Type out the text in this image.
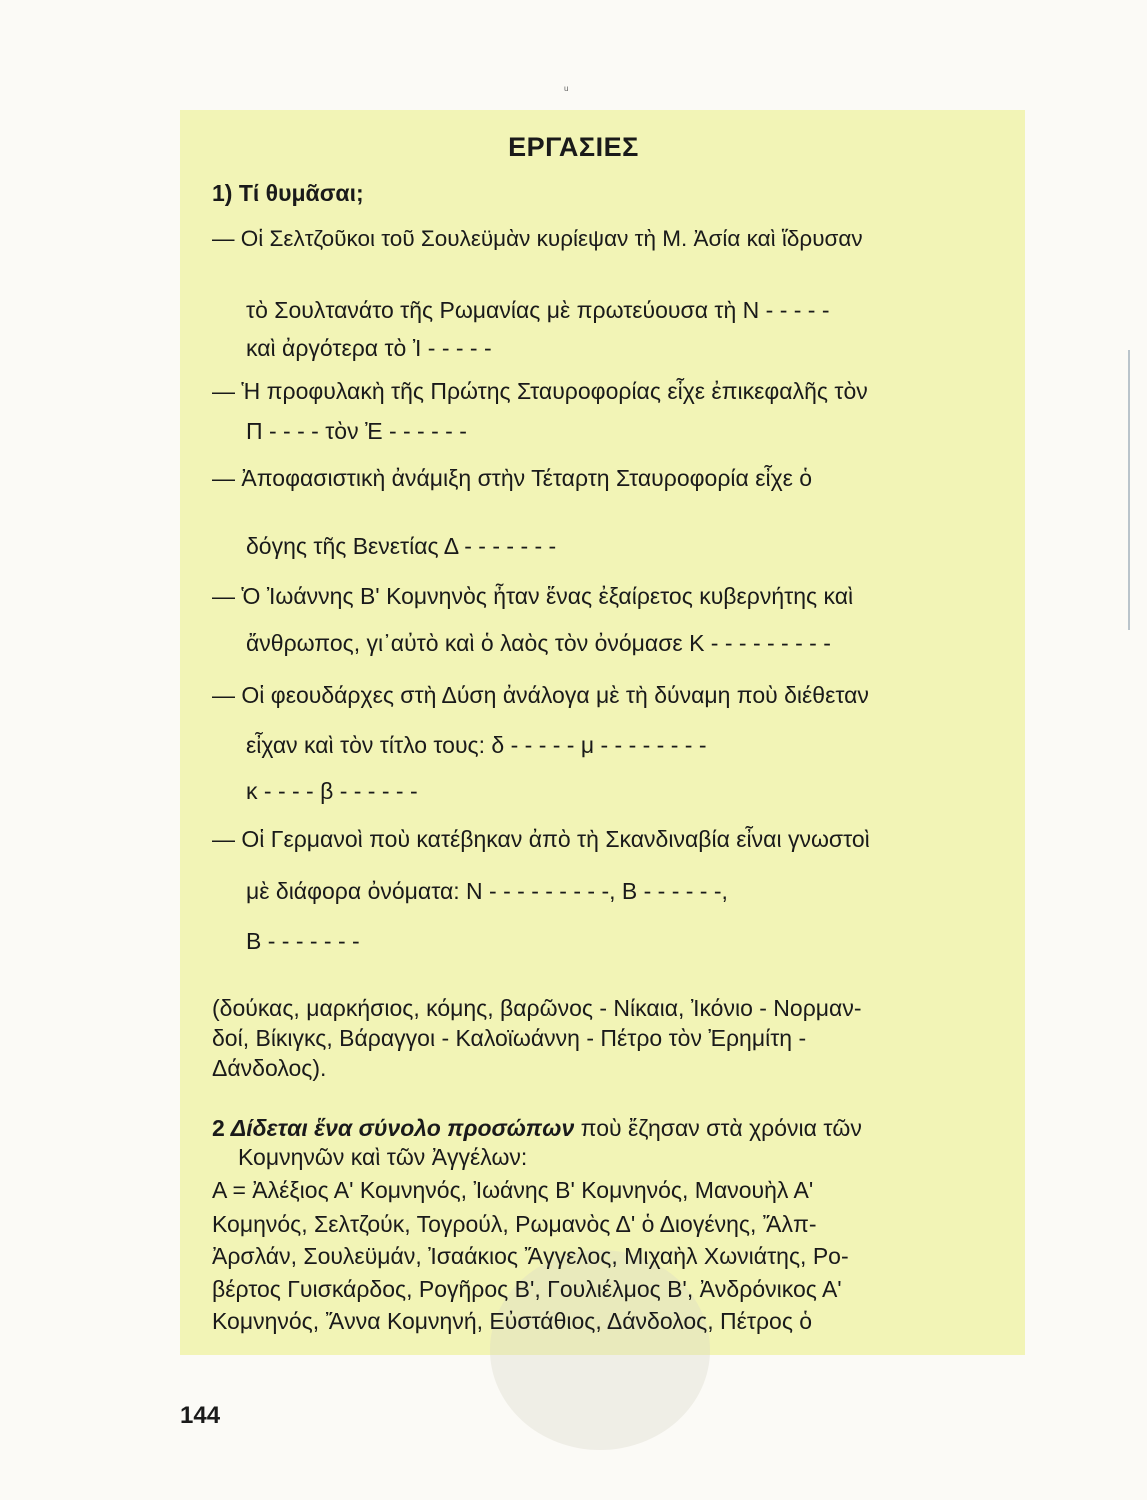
ᵘ
ΕΡΓΑΣΙΕΣ
1) Τί θυμᾶσαι;
— Οἱ Σελτζοῦκοι τοῦ Σουλεϋμὰν κυρίεψαν τὴ Μ. Ἀσία καὶ ἵδρυσαν
τὸ Σουλτανάτο τῆς Ρωμανίας μὲ πρωτεύουσα τὴ Ν - - - - -
καὶ ἀργότερα τὸ Ἰ - - - - -
— Ἡ προφυλακὴ τῆς Πρώτης Σταυροφορίας εἶχε ἐπικεφαλῆς τὸν
Π - - - - τὸν Ἐ - - - - - -
— Ἀποφασιστικὴ ἀνάμιξη στὴν Τέταρτη Σταυροφορία εἶχε ὁ
δόγης τῆς Βενετίας Δ - - - - - - -
— Ὁ Ἰωάννης Βʹ Κομνηνὸς ἦταν ἕνας ἐξαίρετος κυβερνήτης καὶ
ἄνθρωπος, γι᾽αὐτὸ καὶ ὁ λαὸς τὸν ὀνόμασε Κ - - - - - - - - -
— Οἱ φεουδάρχες στὴ Δύση ἀνάλογα μὲ τὴ δύναμη ποὺ διέθεταν
εἶχαν καὶ τὸν τίτλο τους: δ - - - - - μ - - - - - - - -
κ - - - - β - - - - - -
— Οἱ Γερμανοὶ ποὺ κατέβηκαν ἀπὸ τὴ Σκανδιναβία εἶναι γνωστοὶ
μὲ διάφορα ὀνόματα: Ν - - - - - - - - -, Β - - - - - -,
Β - - - - - - -
(δούκας, μαρκήσιος, κόμης, βαρῶνος - Νίκαια, Ἰκόνιο - Νορμαν-
δοί, Βίκιγκς, Βάραγγοι - Καλοϊωάννη - Πέτρο τὸν Ἐρημίτη -
Δάνδολος).
2 Δίδεται ἕνα σύνολο προσώπων ποὺ ἔζησαν στὰ χρόνια τῶν
Κομνηνῶν καὶ τῶν Ἀγγέλων:
Α = Ἀλέξιος Αʹ Κομνηνός, Ἰωάνης Βʹ Κομνηνός, Μανουὴλ Αʹ
Κομηνός, Σελτζούκ, Τογρούλ, Ρωμανὸς Δʹ ὁ Διογένης, Ἄλπ-
Ἀρσλάν, Σουλεϋμάν, Ἰσαάκιος Ἄγγελος, Μιχαὴλ Χωνιάτης, Ρο-
βέρτος Γυισκάρδος, Ρογῆρος Βʹ, Γουλιέλμος Βʹ, Ἀνδρόνικος Αʹ
Κομνηνός, Ἄννα Κομνηνή, Εὐστάθιος, Δάνδολος, Πέτρος ὁ
144
